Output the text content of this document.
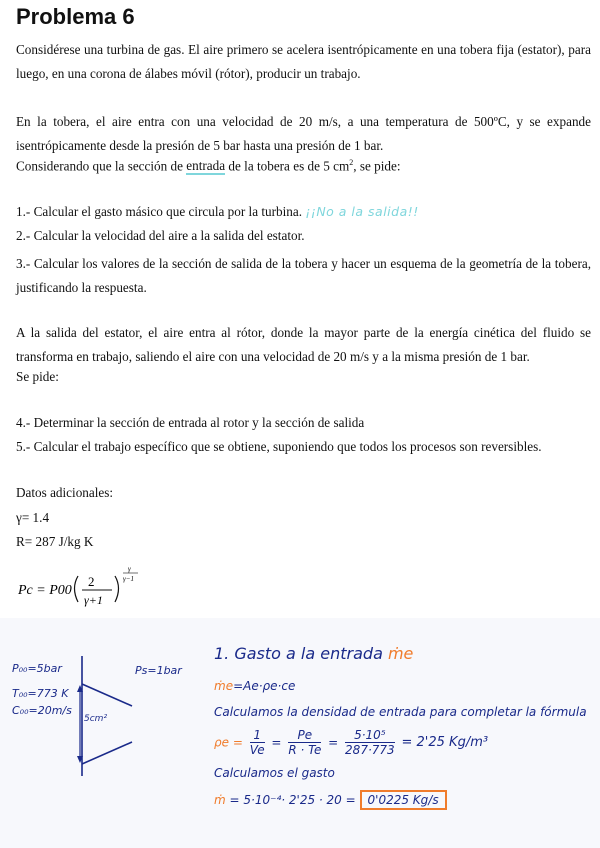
Problema 6

Considérese una turbina de gas. El aire primero se acelera isentrópicamente en una tobera fija (estator), para luego, en una corona de álabes móvil (rótor), producir un trabajo.

En la tobera, el aire entra con una velocidad de 20 m/s, a una temperatura de 500ºC, y se expande isentrópicamente desde la presión de 5 bar hasta una presión de 1 bar.

Considerando que la sección de entrada de la tobera es de 5 $cm^2$, se pide:
1.- Calcular el gasto másico que circula por la turbina. ¡¡No a la salida!!
2.- Calcular la velocidad del aire a la salida del estator.

3.- Calcular los valores de la sección de salida de la tobera y hacer un esquema de la geometría de la tobera, justificando la respuesta.

A la salida del estator, el aire entra al rótor, donde la mayor parte de la energía cinética del fluido se transforma en trabajo, saliendo el aire con una velocidad de 20 m/s y a la misma presión de 1 bar.

Se pide:
4.- Determinar la sección de entrada al rotor y la sección de salida
5.- Calcular el trabajo específico que se obtiene, suponiendo que todos los procesos son reversibles.
Datos adicionales:
γ= 1.4
R= 287 J/kg K
Pc = P00
2
γ+1
γ
γ−1
P₀₀=5bar
T₀₀=773 K
C₀₀=20m/s
Ps=1bar
5cm²
1. Gasto a la entrada ṁe
ṁe=Ae·ρe·ce
Calculamos la densidad de entrada para completar la fórmula
$\rho e = \frac{1}{Ve} = \frac{Pe}{R \cdot Te} = \frac{\text{5·10⁵}}{287\cdot 773} = 2'25$ Kg/m³
Calculamos el gasto
ṁ = 5·10⁻⁴· 2'25 · 20 = 0'0225 Kg/s
